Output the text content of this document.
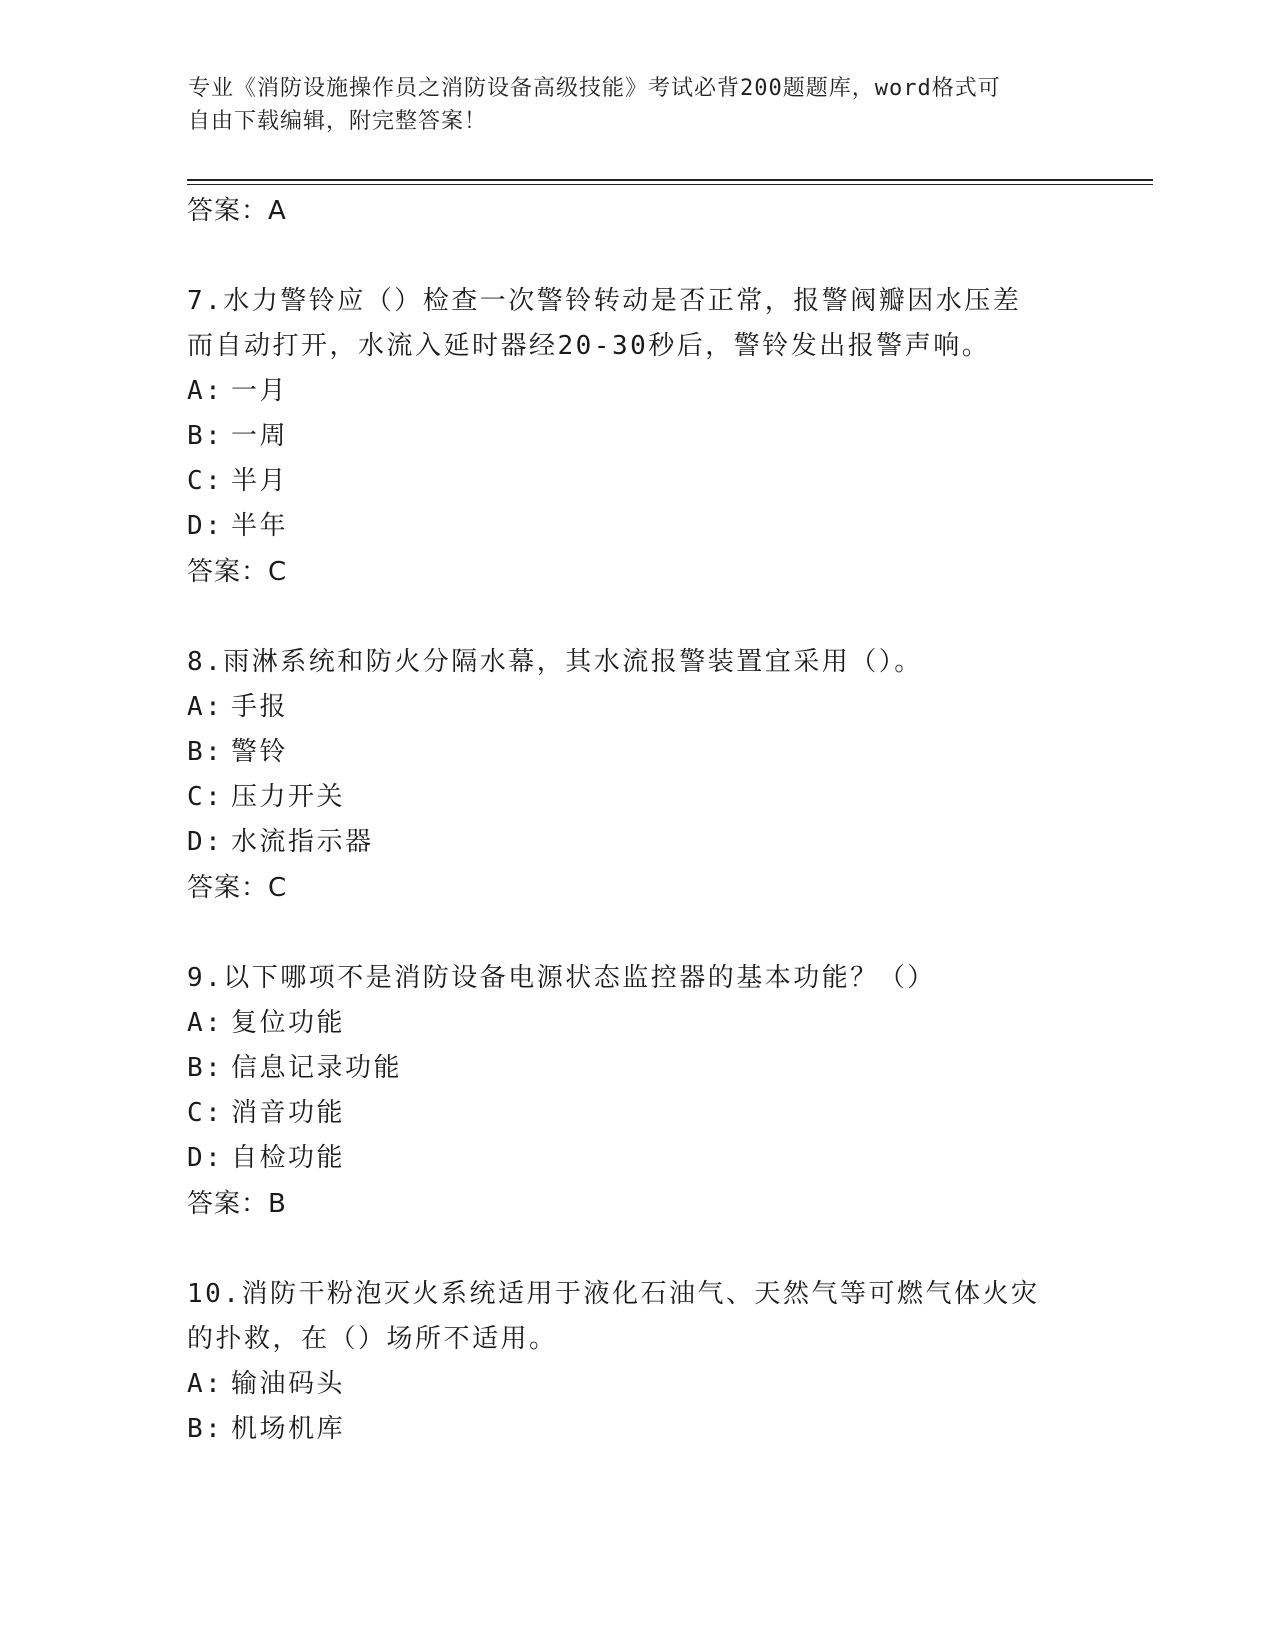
专业《消防设施操作员之消防设备高级技能》考试必背200题题库，word格式可
自由下载编辑，附完整答案！

答案：A

7.水力警铃应（）检查一次警铃转动是否正常，报警阀瓣因水压差而自动打开，水流入延时器经20-30秒后，警铃发出报警声响。

A: 一月
B: 一周
C: 半月
D: 半年

答案：C

8.雨淋系统和防火分隔水幕，其水流报警装置宜采用（）。

A: 手报
B: 警铃
C: 压力开关
D: 水流指示器

答案：C

9.以下哪项不是消防设备电源状态监控器的基本功能？（）

A: 复位功能
B: 信息记录功能
C: 消音功能
D: 自检功能

答案：B

10.消防干粉泡灭火系统适用于液化石油气、天然气等可燃气体火灾的扑救，在（）场所不适用。

A: 输油码头
B: 机场机库
